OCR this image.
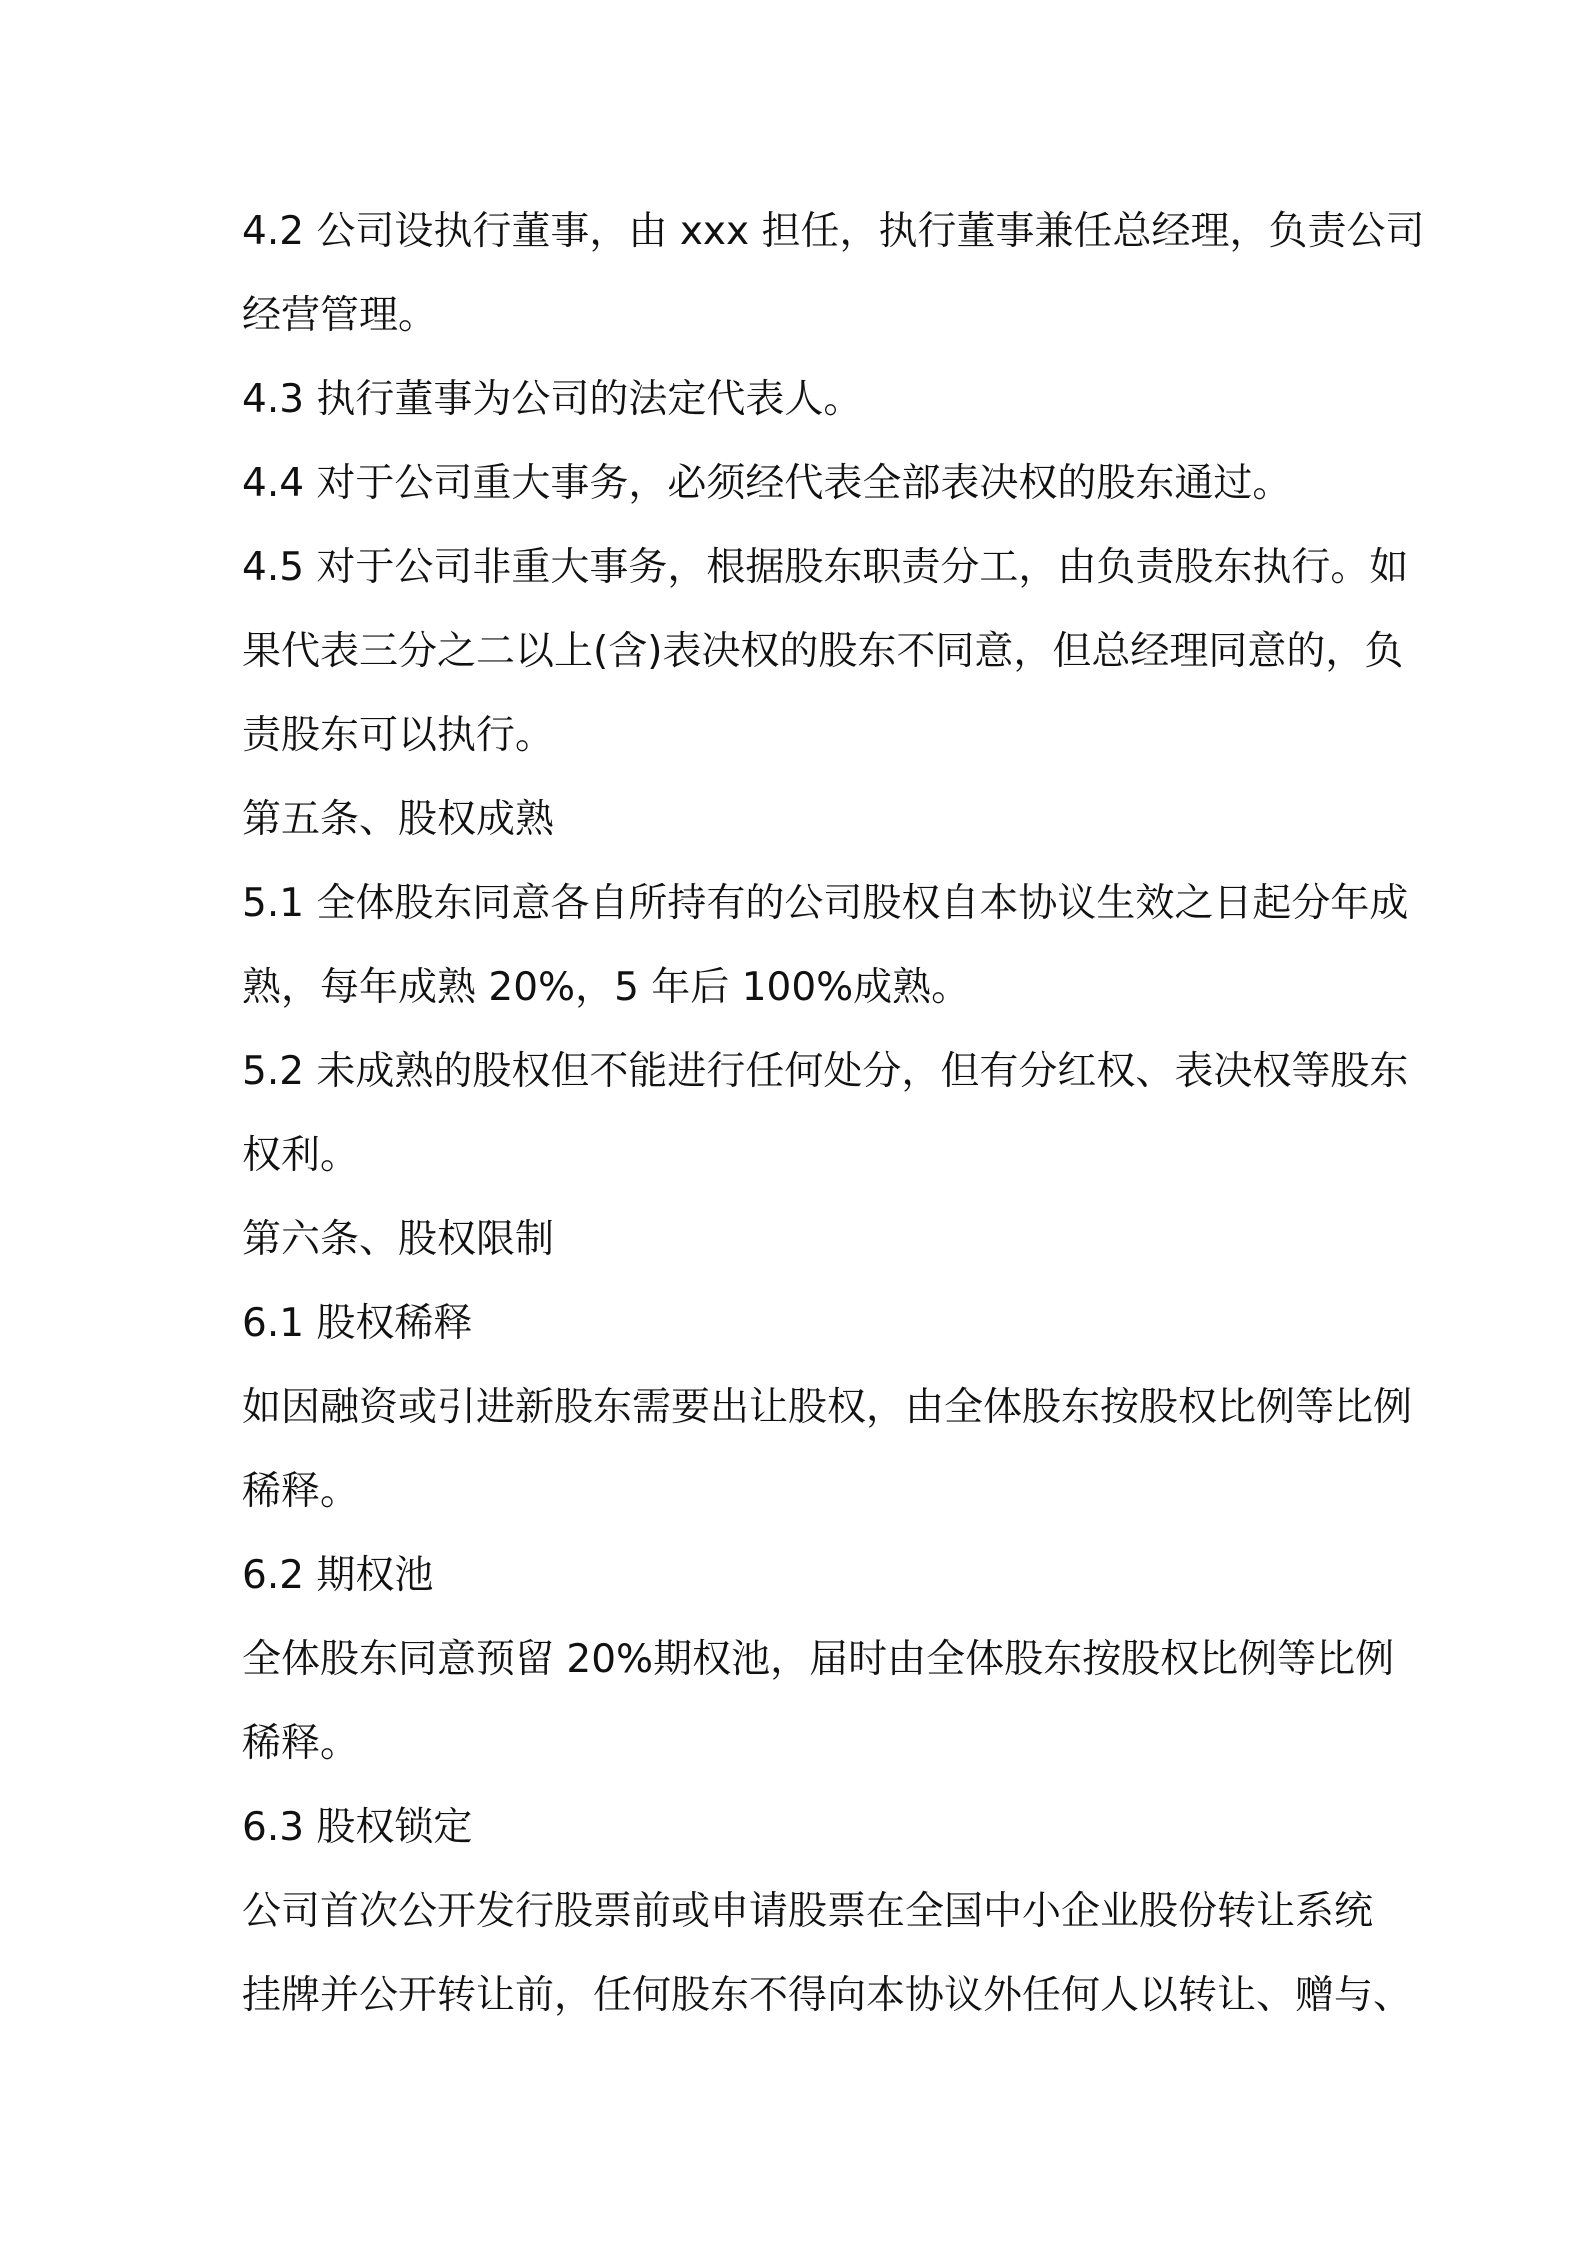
4.2 公司设执行董事，由 xxx 担任，执行董事兼任总经理，负责公司
经营管理。
4.3 执行董事为公司的法定代表人。
4.4 对于公司重大事务，必须经代表全部表决权的股东通过。
4.5 对于公司非重大事务，根据股东职责分工，由负责股东执行。如
果代表三分之二以上(含)表决权的股东不同意，但总经理同意的，负
责股东可以执行。
第五条、股权成熟
5.1 全体股东同意各自所持有的公司股权自本协议生效之日起分年成
熟，每年成熟 20%，5 年后 100%成熟。
5.2 未成熟的股权但不能进行任何处分，但有分红权、表决权等股东
权利。
第六条、股权限制
6.1 股权稀释
如因融资或引进新股东需要出让股权，由全体股东按股权比例等比例
稀释。
6.2 期权池
全体股东同意预留 20%期权池，届时由全体股东按股权比例等比例
稀释。
6.3 股权锁定
公司首次公开发行股票前或申请股票在全国中小企业股份转让系统
挂牌并公开转让前，任何股东不得向本协议外任何人以转让、赠与、
